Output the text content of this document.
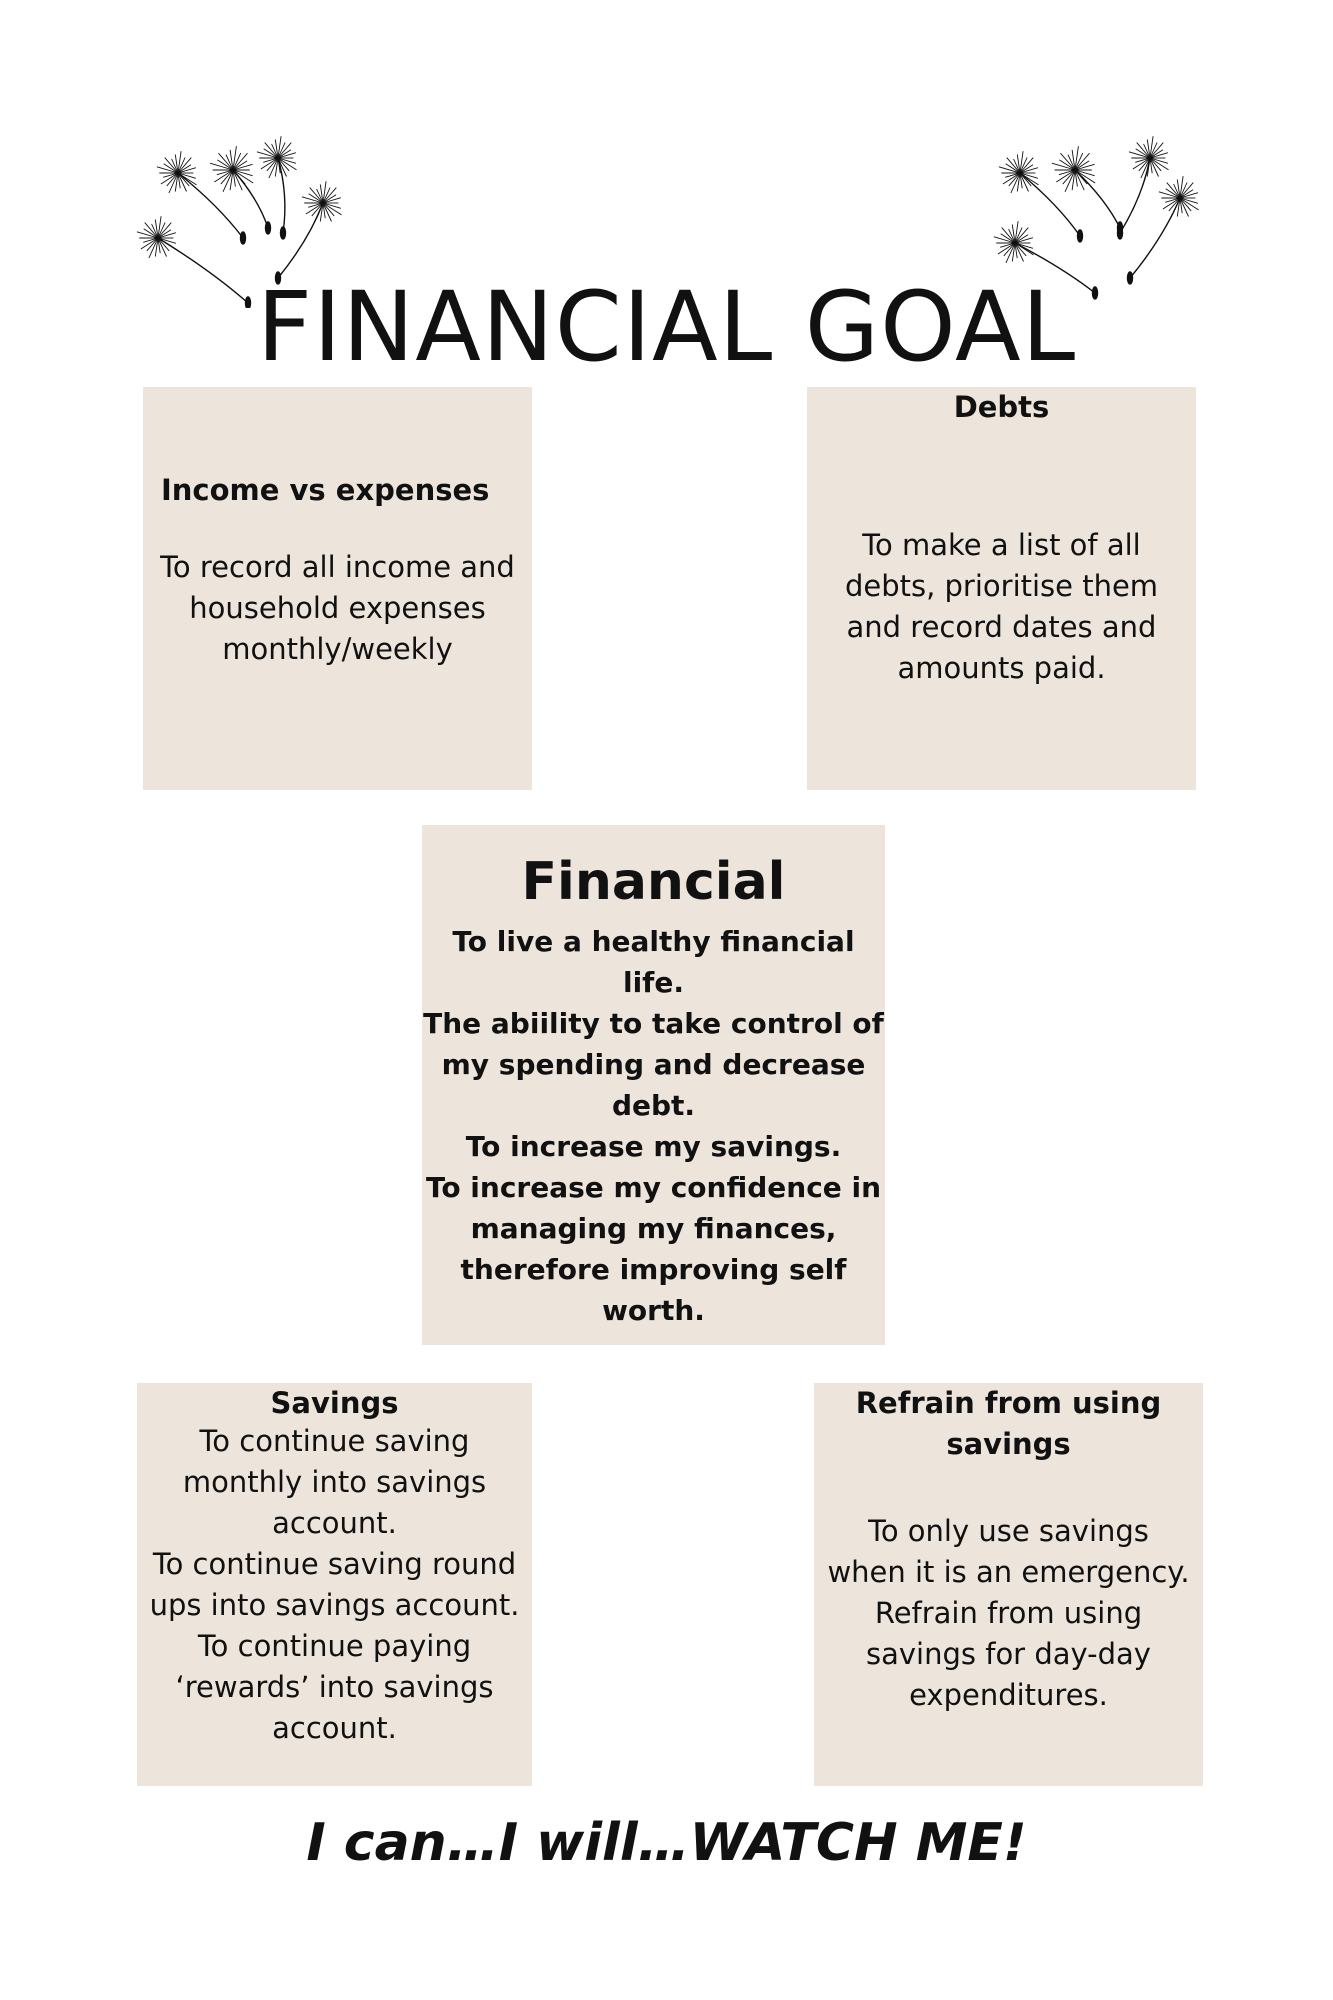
FINANCIAL GOAL

Income vs expenses

To record all income and
household expenses
monthly/weekly

Debts

To make a list of all
debts, prioritise them
and record dates and
amounts paid.

Financial

To live a healthy financial life.
The abiility to take control of
my spending and decrease
debt.
To increase my savings.
To increase my confidence in
managing my finances,
therefore improving self
worth.

Savings

To continue saving
monthly into savings
account.
To continue saving round
ups into savings account.
To continue paying
‘rewards’ into savings
account.

Refrain from using
savings

To only use savings
when it is an emergency.
Refrain from using
savings for day-day
expenditures.

I can…I will…WATCH ME!
